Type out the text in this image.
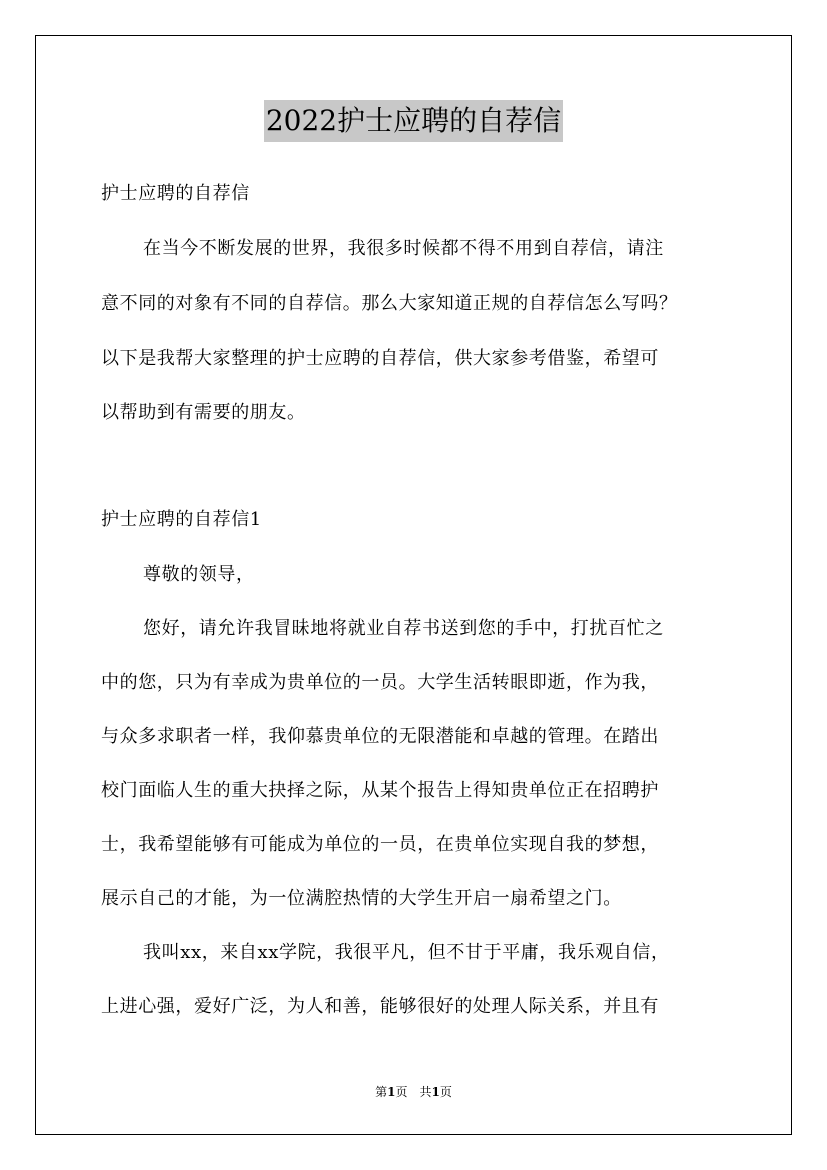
2022护士应聘的自荐信
护士应聘的自荐信
在当今不断发展的世界，我很多时候都不得不用到自荐信，请注
意不同的对象有不同的自荐信。那么大家知道正规的自荐信怎么写吗？
以下是我帮大家整理的护士应聘的自荐信，供大家参考借鉴，希望可
以帮助到有需要的朋友。
护士应聘的自荐信1
尊敬的领导，
您好，请允许我冒昧地将就业自荐书送到您的手中，打扰百忙之
中的您，只为有幸成为贵单位的一员。大学生活转眼即逝，作为我，
与众多求职者一样，我仰慕贵单位的无限潜能和卓越的管理。在踏出
校门面临人生的重大抉择之际，从某个报告上得知贵单位正在招聘护
士，我希望能够有可能成为单位的一员，在贵单位实现自我的梦想，
展示自己的才能，为一位满腔热情的大学生开启一扇希望之门。
我叫xx，来自xx学院，我很平凡，但不甘于平庸，我乐观自信，
上进心强，爱好广泛，为人和善，能够很好的处理人际关系，并且有
第1页　共1页
